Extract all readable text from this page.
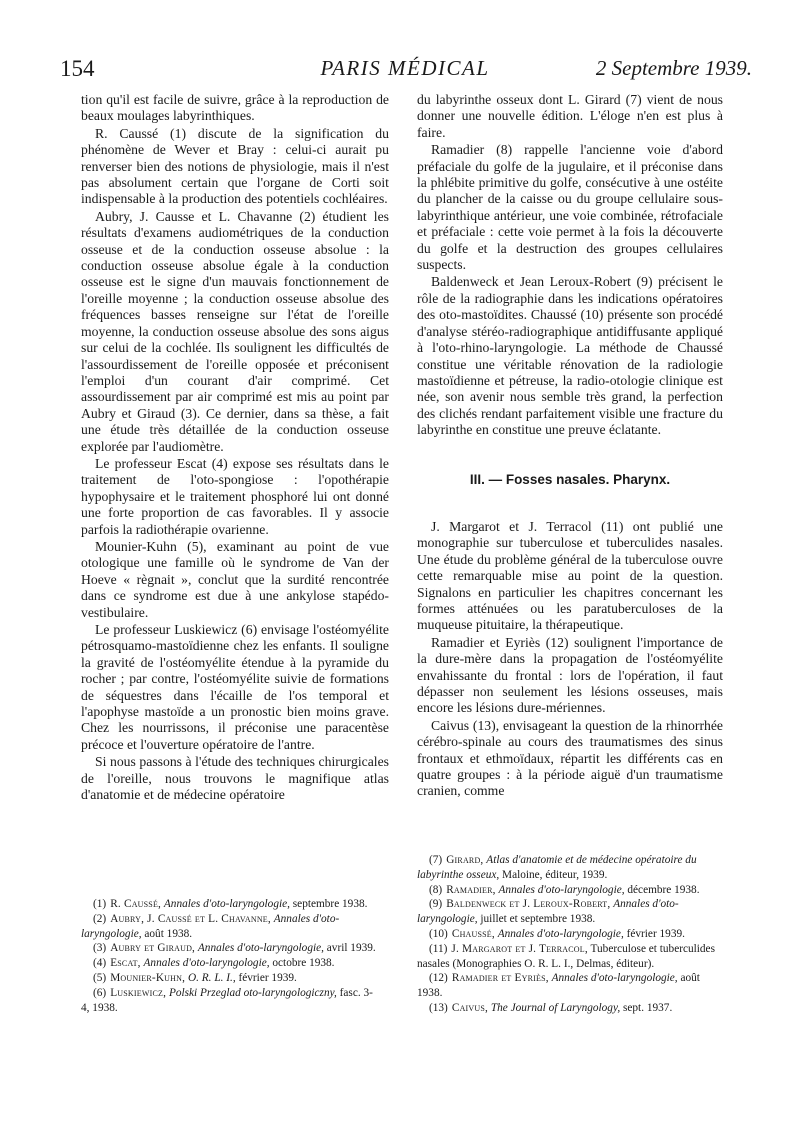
154	PARIS MÉDICAL	2 Septembre 1939.

tion qu'il est facile de suivre, grâce à la reproduction de beaux moulages labyrinthiques.

R. Caussé (1) discute de la signification du phénomène de Wever et Bray : celui-ci aurait pu renverser bien des notions de physiologie, mais il n'est pas absolument certain que l'organe de Corti soit indispensable à la production des potentiels cochléaires.

Aubry, J. Causse et L. Chavanne (2) étudient les résultats d'examens audiométriques de la conduction osseuse et de la conduction osseuse absolue : la conduction osseuse absolue égale à la conduction osseuse est le signe d'un mauvais fonctionnement de l'oreille moyenne ; la conduction osseuse absolue des fréquences basses renseigne sur l'état de l'oreille moyenne, la conduction osseuse absolue des sons aigus sur celui de la cochlée. Ils soulignent les difficultés de l'assourdissement de l'oreille opposée et préconisent l'emploi d'un courant d'air comprimé. Cet assourdissement par air comprimé est mis au point par Aubry et Giraud (3). Ce dernier, dans sa thèse, a fait une étude très détaillée de la conduction osseuse explorée par l'audiomètre.

Le professeur Escat (4) expose ses résultats dans le traitement de l'oto-spongiose : l'opothérapie hypophysaire et le traitement phosphoré lui ont donné une forte proportion de cas favorables. Il y associe parfois la radiothérapie ovarienne.

Mounier-Kuhn (5), examinant au point de vue otologique une famille où le syndrome de Van der Hoeve « règnait », conclut que la surdité rencontrée dans ce syndrome est due à une ankylose stapédo-vestibulaire.

Le professeur Luskiewicz (6) envisage l'ostéomyélite pétrosquamo-mastoïdienne chez les enfants. Il souligne la gravité de l'ostéomyélite étendue à la pyramide du rocher ; par contre, l'ostéomyélite suivie de formations de séquestres dans l'écaille de l'os temporal et l'apophyse mastoïde a un pronostic bien moins grave. Chez les nourrissons, il préconise une paracentèse précoce et l'ouverture opératoire de l'antre.

Si nous passons à l'étude des techniques chirurgicales de l'oreille, nous trouvons le magnifique atlas d'anatomie et de médecine opératoire

du labyrinthe osseux dont L. Girard (7) vient de nous donner une nouvelle édition. L'éloge n'en est plus à faire.

Ramadier (8) rappelle l'ancienne voie d'abord préfaciale du golfe de la jugulaire, et il préconise dans la phlébite primitive du golfe, consécutive à une ostéite du plancher de la caisse ou du groupe cellulaire sous-labyrinthique antérieur, une voie combinée, rétrofaciale et préfaciale : cette voie permet à la fois la découverte du golfe et la destruction des groupes cellulaires suspects.

Baldenweck et Jean Leroux-Robert (9) précisent le rôle de la radiographie dans les indications opératoires des oto-mastoïdites. Chaussé (10) présente son procédé d'analyse stéréo-radiographique antidiffusante appliqué à l'oto-rhino-laryngologie. La méthode de Chaussé constitue une véritable rénovation de la radiologie mastoïdienne et pétreuse, la radio-otologie clinique est née, son avenir nous semble très grand, la perfection des clichés rendant parfaitement visible une fracture du labyrinthe en constitue une preuve éclatante.

III. — Fosses nasales. Pharynx.

J. Margarot et J. Terracol (11) ont publié une monographie sur tuberculose et tuberculides nasales. Une étude du problème général de la tuberculose ouvre cette remarquable mise au point de la question. Signalons en particulier les chapitres concernant les formes atténuées ou les paratuberculoses de la muqueuse pituitaire, la thérapeutique.

Ramadier et Eyriès (12) soulignent l'importance de la dure-mère dans la propagation de l'ostéomyélite envahissante du frontal : lors de l'opération, il faut dépasser non seulement les lésions osseuses, mais encore les lésions dure-mériennes.

Caivus (13), envisageant la question de la rhinorrhée cérébro-spinale au cours des traumatismes des sinus frontaux et ethmoïdaux, répartit les différents cas en quatre groupes : à la période aiguë d'un traumatisme cranien, comme

(1) R. Caussé, Annales d'oto-laryngologie, septembre 1938.
(2) Aubry, J. Caussé et L. Chavanne, Annales d'oto-laryngologie, août 1938.
(3) Aubry et Giraud, Annales d'oto-laryngologie, avril 1939.
(4) Escat, Annales d'oto-laryngologie, octobre 1938.
(5) Mounier-Kuhn, O. R. L. I., février 1939.
(6) Luskiewicz, Polski Przeglad oto-laryngologiczny, fasc. 3-4, 1938.
(7) Girard, Atlas d'anatomie et de médecine opératoire du labyrinthe osseux, Maloine, éditeur, 1939.
(8) Ramadier, Annales d'oto-laryngologie, décembre 1938.
(9) Baldenweck et J. Leroux-Robert, Annales d'oto-laryngologie, juillet et septembre 1938.
(10) Chaussé, Annales d'oto-laryngologie, février 1939.
(11) J. Margarot et J. Terracol, Tuberculose et tuberculides nasales (Monographies O. R. L. I., Delmas, éditeur).
(12) Ramadier et Eyriès, Annales d'oto-laryngologie, août 1938.
(13) Caivus, The Journal of Laryngology, sept. 1937.
